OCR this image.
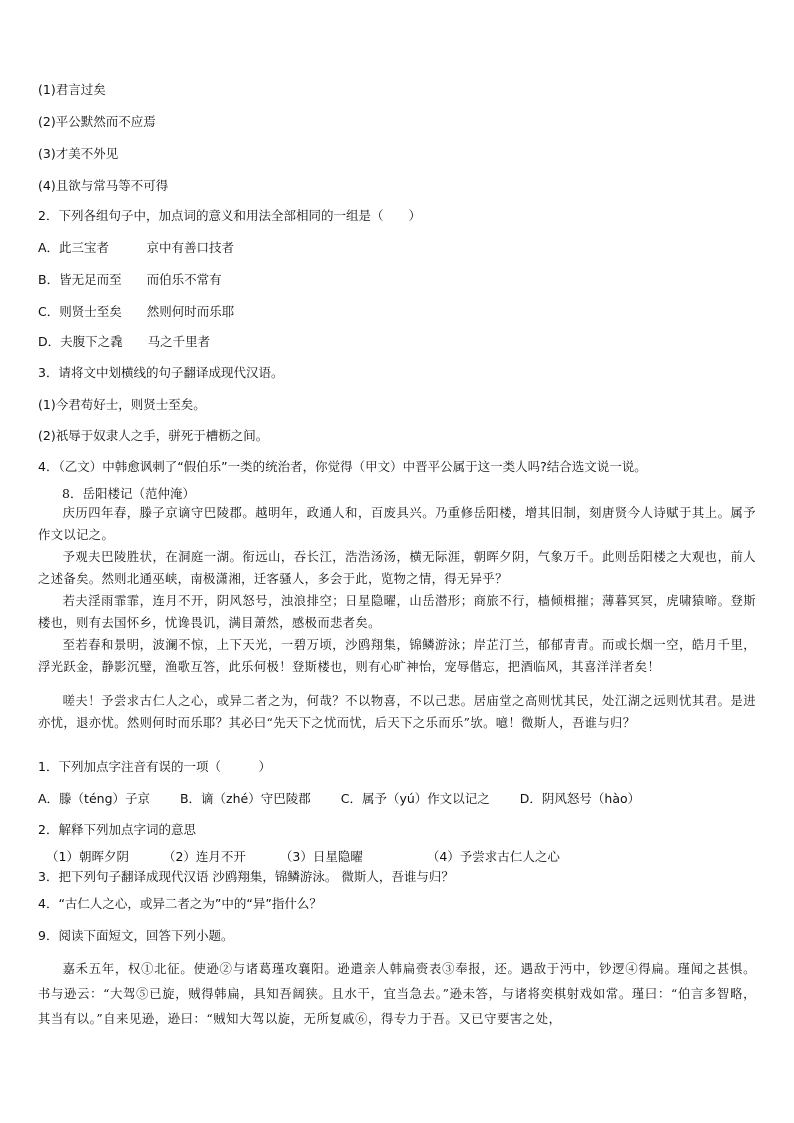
(1)君言过矣
(2)平公默然而不应焉
(3)才美不外见
(4)且欲与常马等不可得
2．下列各组句子中，加点词的意义和用法全部相同的一组是（　　）
A．此三宝者　　　京中有善口技者
B．皆无足而至　　而伯乐不常有
C．则贤士至矣　　然则何时而乐耶
D．夫腹下之毳　　马之千里者
3．请将文中划横线的句子翻译成现代汉语。
(1)今君苟好士，则贤士至矣。
(2)祇辱于奴隶人之手，骈死于槽枥之间。
4．（乙文）中韩愈讽刺了“假伯乐”一类的统治者，你觉得（甲文）中晋平公属于这一类人吗?结合选文说一说。
8．岳阳楼记（范仲淹）
庆历四年春，滕子京谪守巴陵郡。越明年，政通人和，百废具兴。乃重修岳阳楼，增其旧制，刻唐贤今人诗赋于其上。属予作文以记之。
予观夫巴陵胜状，在洞庭一湖。衔远山，吞长江，浩浩汤汤，横无际涯，朝晖夕阴，气象万千。此则岳阳楼之大观也，前人之述备矣。然则北通巫峡，南极潇湘，迁客骚人，多会于此，览物之情，得无异乎？
若夫淫雨霏霏，连月不开，阴风怒号，浊浪排空；日星隐曜，山岳潜形；商旅不行，樯倾楫摧；薄暮冥冥，虎啸猿啼。登斯楼也，则有去国怀乡，忧谗畏讥，满目萧然，感极而悲者矣。
至若春和景明，波澜不惊，上下天光，一碧万顷，沙鸥翔集，锦鳞游泳；岸芷汀兰，郁郁青青。而或长烟一空，皓月千里，浮光跃金，静影沉璧，渔歌互答，此乐何极！登斯楼也，则有心旷神怡，宠辱偕忘，把酒临风，其喜洋洋者矣！
嗟夫！予尝求古仁人之心，或异二者之为，何哉？不以物喜，不以己悲。居庙堂之高则忧其民，处江湖之远则忧其君。是进亦忧，退亦忧。然则何时而乐耶？其必曰“先天下之忧而忧，后天下之乐而乐”欤。噫！微斯人，吾谁与归？
1．下列加点字注音有误的一项（　　　）
A．滕（téng）子京 B．谪（zhé）守巴陵郡 C．属予（yú）作文以记之 D．阴风怒号（hào）
2．解释下列加点字词的意思
（1）朝晖夕阴	（2）连月不开	（3）日星隐曜	（4）予尝求古仁人之心
3．把下列句子翻译成现代汉语 沙鸥翔集，锦鳞游泳。 微斯人，吾谁与归？
4．“古仁人之心，或异二者之为”中的“异”指什么？
9．阅读下面短文，回答下列小题。
嘉禾五年，权①北征。使逊②与诸葛瑾攻襄阳。逊遣亲人韩扁赍表③奉报，还。遇敌于沔中，钞逻④得扁。瑾闻之甚惧。书与逊云：“大驾⑤已旋，贼得韩扁，具知吾阔狭。且水干，宜当急去。”逊未答，与诸将奕棋射戏如常。瑾曰：“伯言多智略，其当有以。”自来见逊，逊曰：“贼知大驾以旋，无所复戚⑥，得专力于吾。又已守要害之处，
